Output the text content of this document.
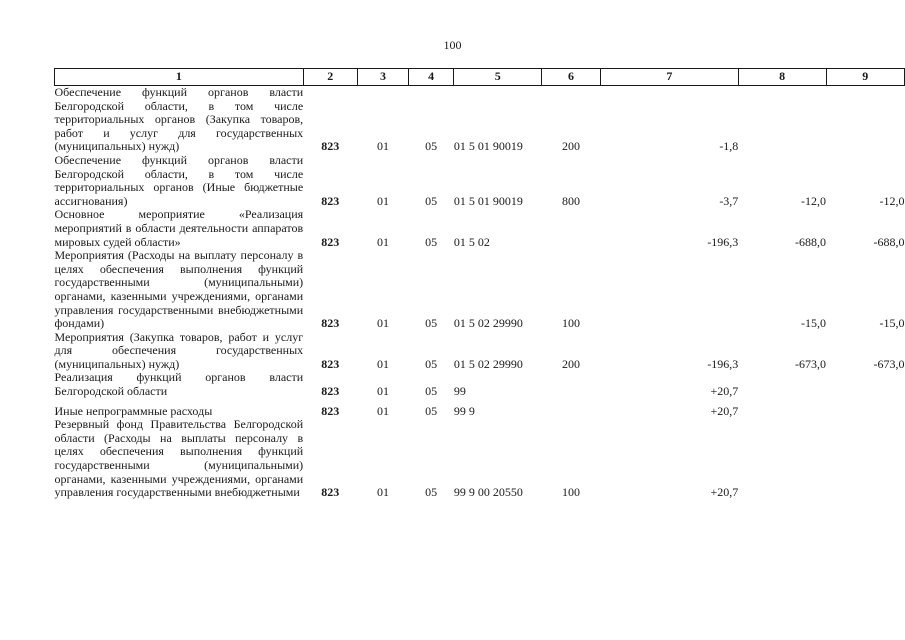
100
1	2	3	4	5	6	7	8	9
Обеспечение функций органов власти Белгородской области, в том числе территориальных органов (Закупка товаров, работ и услуг для государственных (муниципальных) нужд)	823	01	05	01 5 01 90019	200	-1,8		
Обеспечение функций органов власти Белгородской области, в том числе территориальных органов (Иные бюджетные ассигнования)	823	01	05	01 5 01 90019	800	-3,7	-12,0	-12,0
Основное мероприятие «Реализация мероприятий в области деятельности аппаратов мировых судей области»	823	01	05	01 5 02		-196,3	-688,0	-688,0
Мероприятия (Расходы на выплату персоналу в целях обеспечения выполнения функций государственными (муниципальными) органами, казенными учреждениями, органами управления государственными внебюджетными фондами)	823	01	05	01 5 02 29990	100		-15,0	-15,0
Мероприятия (Закупка товаров, работ и услуг для обеспечения государственных (муниципальных) нужд)	823	01	05	01 5 02 29990	200	-196,3	-673,0	-673,0
Реализация функций органов власти Белгородской области	823	01	05	99		+20,7		

Иные непрограммные расходы	823	01	05	99 9		+20,7		
Резервный фонд Правительства Белгородской области (Расходы на выплаты персоналу в целях обеспечения выполнения функций государственными (муниципальными) органами, казенными учреждениями, органами управления государственными внебюджетными	823	01	05	99 9 00 20550	100	+20,7		
